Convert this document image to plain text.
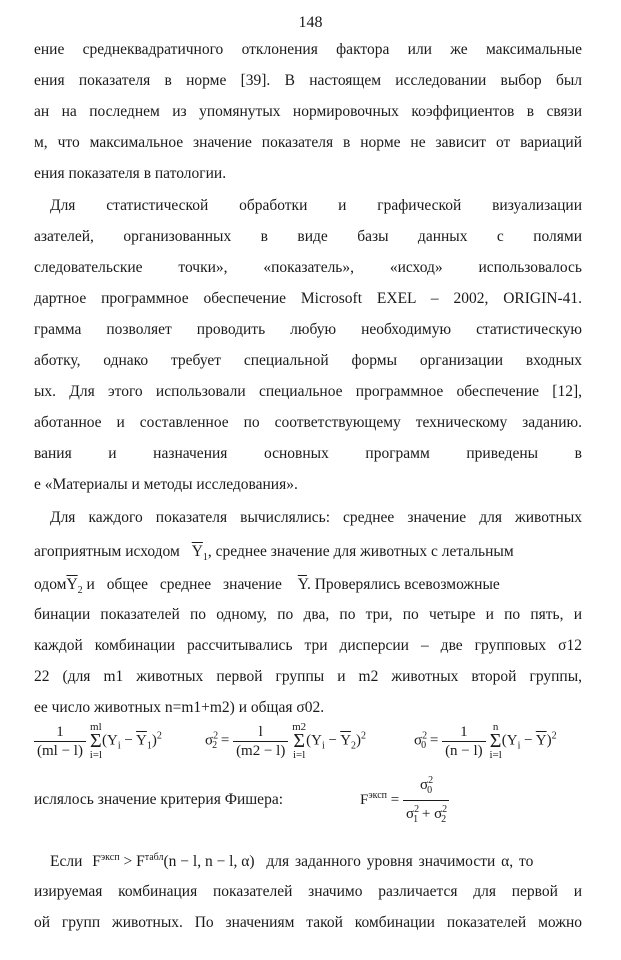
148
ение среднеквадратичного отклонения фактора или же максимальные
ения показателя в норме [39]. В настоящем исследовании выбор был
ан на последнем из упомянутых нормировочных коэффициентов в связи
м, что максимальное значение показателя в норме не зависит от вариаций
ения показателя в патологии.
Для статистической обработки и графической визуализации
азателей, организованных в виде базы данных с полями
следовательские точки», «показатель», «исход» использовалось
дартное программное обеспечение Microsoft EXEL – 2002, ORIGIN-41.
грамма позволяет проводить любую необходимую статистическую
аботку, однако требует специальной формы организации входных
ых. Для этого использовали специальное программное обеспечение [12],
аботанное и составленное по соответствующему техническому заданию.
вания и назначения основных программ приведены в
е «Материалы и методы исследования».
Для каждого показателя вычислялись: среднее значение для животных
агоприятным исходом $\overline{Y}_1$, среднее значение для животных с летальным
$одом\overline{Y}_2$ и общее среднее значение $\overline{Y}$. Проверялись всевозможные
бинации показателей по одному, по два, по три, по четыре и по пять, и
каждой комбинации рассчитывались три дисперсии – две групповых σ12
22 (для m1 животных первой группы и m2 животных второй группы,
ее число животных n=m1+m2) и общая σ02.
$\frac{1}{(ml - l)}$ ml
Σ
$i=l(Y_i - \overline{Y}_1)^2$	$\sigma^2_2 = \frac{l}{(m2 - l)} m2$
Σ
$i=l(Y_i - \overline{Y}_2)^2$	$\sigma^2_0 = \frac{1}{(n - l)}$ n
Σ
$i=l(Y_i - \overline{Y})^2$
ислялось значение критерия Фишера:	$F^{эксп} = \frac{\sigma^2_0}{\sigma^2_1 + \sigma^2_2}$
Если $F^{эксп} > F^{табл}(n - l$, n − l, α) для заданного уровня значимости α, то
изируемая комбинация показателей значимо различается для первой и
ой групп животных. По значениям такой комбинации показателей можно
